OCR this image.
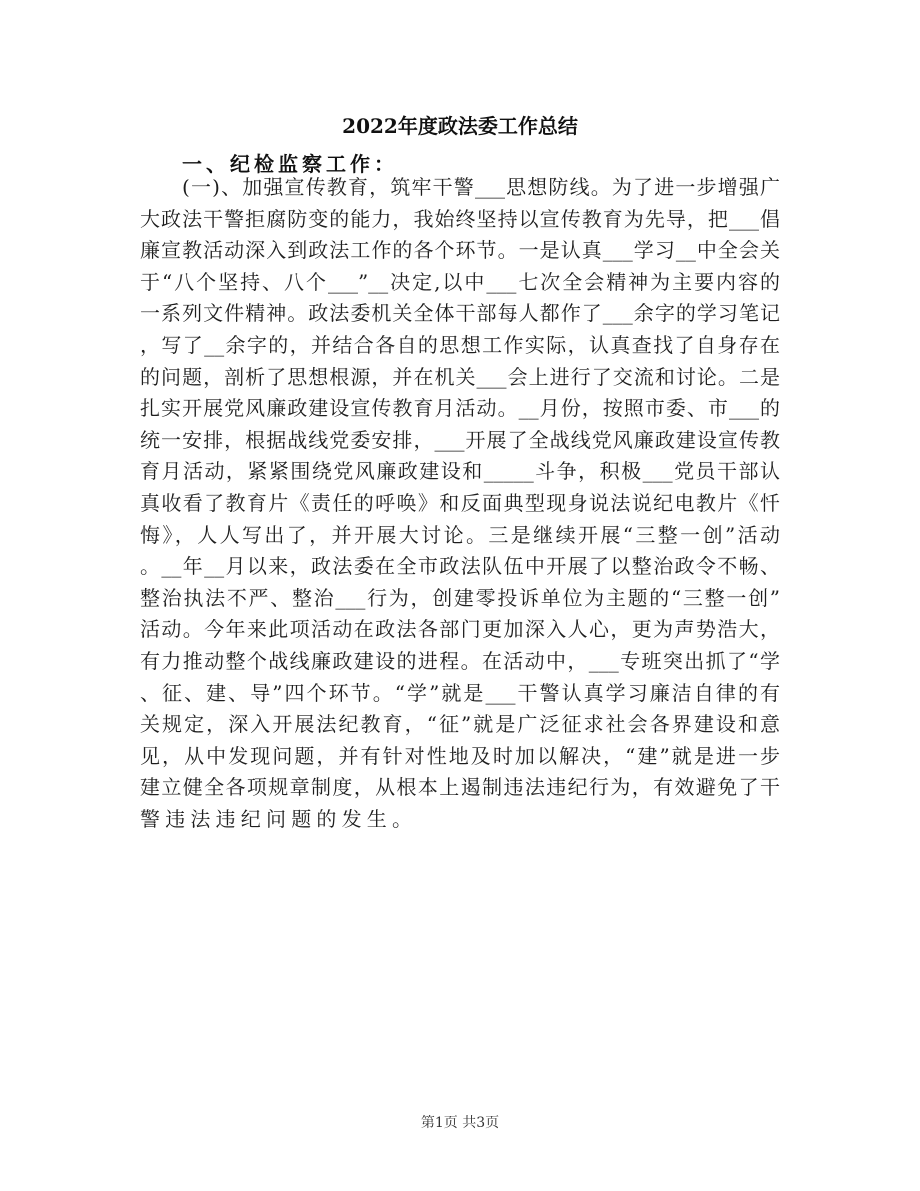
2022年度政法委工作总结
一、纪检监察工作：
(一)、加强宣传教育，筑牢干警___思想防线。为了进一步增强广
大政法干警拒腐防变的能力，我始终坚持以宣传教育为先导，把___倡
廉宣教活动深入到政法工作的各个环节。一是认真___学习__中全会关
于“八个坚持、八个___”__决定,以中___七次全会精神为主要内容的
一系列文件精神。政法委机关全体干部每人都作了___余字的学习笔记
，写了__余字的，并结合各自的思想工作实际，认真查找了自身存在
的问题，剖析了思想根源，并在机关___会上进行了交流和讨论。二是
扎实开展党风廉政建设宣传教育月活动。__月份，按照市委、市___的
统一安排，根据战线党委安排，___开展了全战线党风廉政建设宣传教
育月活动，紧紧围绕党风廉政建设和_____斗争，积极___党员干部认
真收看了教育片《责任的呼唤》和反面典型现身说法说纪电教片《忏
悔》，人人写出了，并开展大讨论。三是继续开展“三整一创”活动
。__年__月以来，政法委在全市政法队伍中开展了以整治政令不畅、
整治执法不严、整治___行为，创建零投诉单位为主题的“三整一创”
活动。今年来此项活动在政法各部门更加深入人心，更为声势浩大，
有力推动整个战线廉政建设的进程。在活动中，___专班突出抓了“学
、征、建、导”四个环节。“学”就是___干警认真学习廉洁自律的有
关规定，深入开展法纪教育，“征”就是广泛征求社会各界建设和意
见，从中发现问题，并有针对性地及时加以解决，“建”就是进一步
建立健全各项规章制度，从根本上遏制违法违纪行为，有效避免了干
警违法违纪问题的发生。
第1页 共3页
